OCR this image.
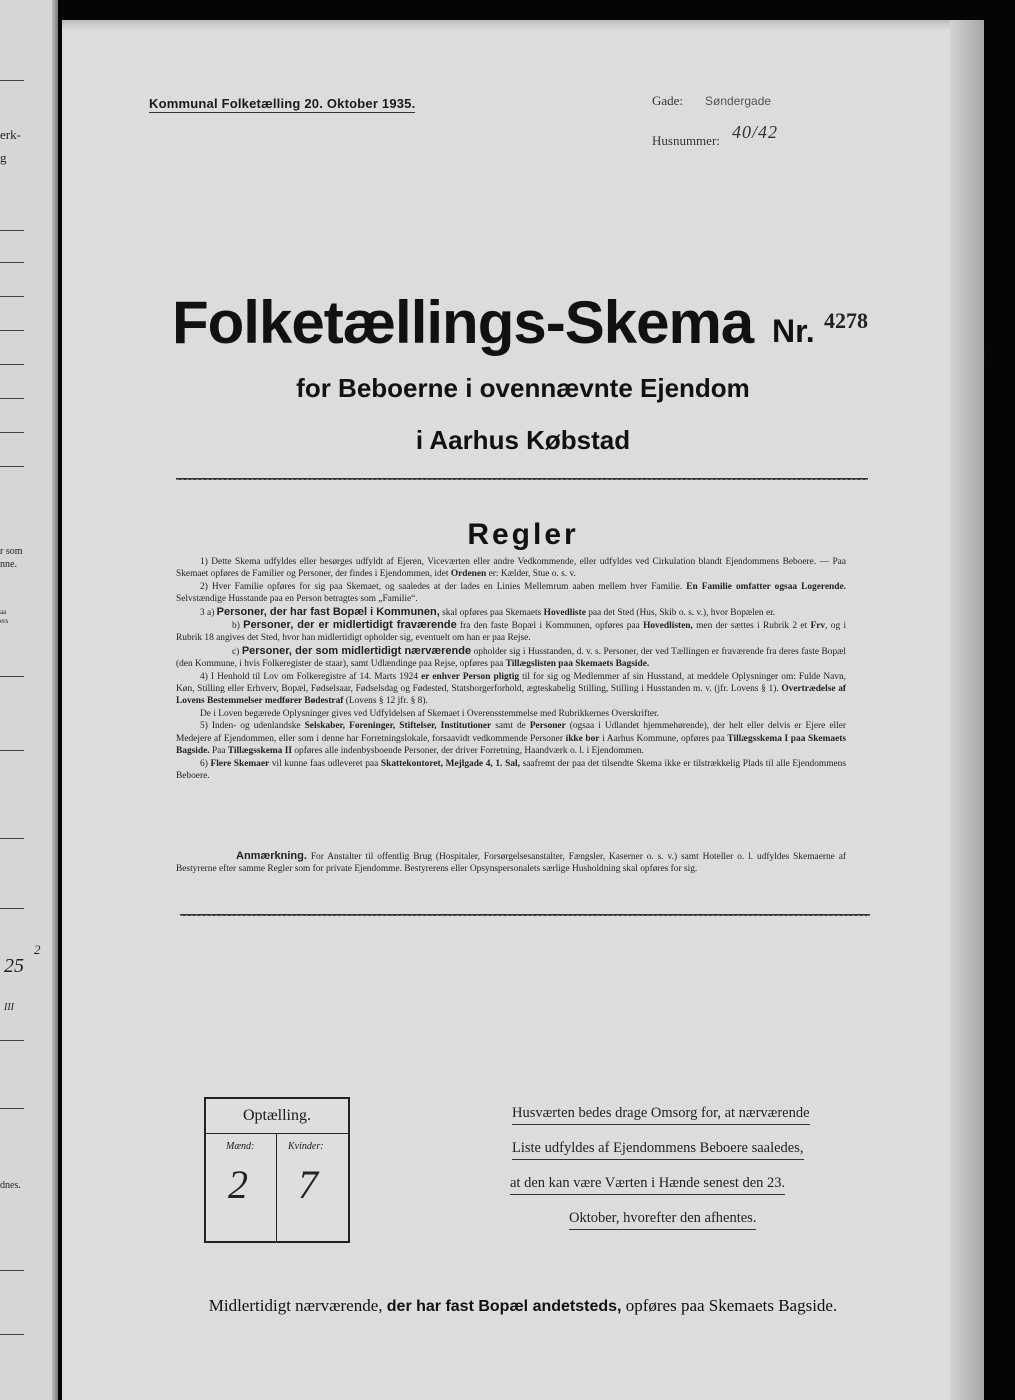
erk-
g
r som
nne.
aa
ers
25
2
III
dnes.
Kommunal Folketælling 20. Oktober 1935.	Gade: Søndergade
Husnummer: 40/42
Folketællings-Skema Nr. 4278
for Beboerne i ovennævnte Ejendom
i Aarhus Købstad
Regler

1) Dette Skema udfyldes eller besørges udfyldt af Ejeren, Viceværten eller andre Vedkommende, eller udfyldes ved Cirkulation blandt Ejendommens Beboere. — Paa Skemaet opføres de Familier og Personer, der findes i Ejendommen, idet Ordenen er: Kælder, Stue o. s. v.

2) Hver Familie opføres for sig paa Skemaet, og saaledes at der lades en Linies Mellemrum aaben mellem hver Familie. En Familie omfatter ogsaa Logerende. Selvstændige Husstande paa en Person betragtes som „Familie“.

3 a) Personer, der har fast Bopæl i Kommunen, skal opføres paa Skemaets Hovedliste paa det Sted (Hus, Skib o. s. v.), hvor Bopælen er.

b) Personer, der er midlertidigt fraværende fra den faste Bopæl i Kommunen, opføres paa Hovedlisten, men der sættes i Rubrik 2 et Frv, og i Rubrik 18 angives det Sted, hvor han midlertidigt opholder sig, eventuelt om han er paa Rejse.

c) Personer, der som midlertidigt nærværende opholder sig i Husstanden, d. v. s. Personer, der ved Tællingen er fraværende fra deres faste Bopæl (den Kommune, i hvis Folkeregister de staar), samt Udlændinge paa Rejse, opføres paa Tillægslisten paa Skemaets Bagside.

4) I Henhold til Lov om Folkeregistre af 14. Marts 1924 er enhver Person pligtig til for sig og Medlemmer af sin Husstand, at meddele Oplysninger om: Fulde Navn, Køn, Stilling eller Erhverv, Bopæl, Fødselsaar, Fødselsdag og Fødested, Statsborgerforhold, ægteskabelig Stilling, Stilling i Husstanden m. v. (jfr. Lovens § 1). Overtrædelse af Lovens Bestemmelser medfører Bødestraf (Lovens § 12 jfr. § 8).

De i Loven begærede Oplysninger gives ved Udfyldelsen af Skemaet i Overensstemmelse med Rubrikkernes Overskrifter.

5) Inden- og udenlandske Selskaber, Foreninger, Stiftelser, Institutioner samt de Personer (ogsaa i Udlandet hjemmehørende), der helt eller delvis er Ejere eller Medejere af Ejendommen, eller som i denne har Forretningslokale, forsaavidt vedkommende Personer ikke bor i Aarhus Kommune, opføres paa Tillægsskema I paa Skemaets Bagside. Paa Tillægsskema II opføres alle indenbysboende Personer, der driver Forretning, Haandværk o. l. i Ejendommen.

6) Flere Skemaer vil kunne faas udleveret paa Skattekontoret, Mejlgade 4, 1. Sal, saafremt der paa det tilsendte Skema ikke er tilstrækkelig Plads til alle Ejendommens Beboere.

Anmærkning. For Anstalter til offentlig Brug (Hospitaler, Forsørgelsesanstalter, Fængsler, Kaserner o. s. v.) samt Hoteller o. l. udfyldes Skemaerne af Bestyrerne efter samme Regler som for private Ejendomme. Bestyrerens eller Opsynspersonalets særlige Husholdning skal opføres for sig.

Optælling.
Mænd:	Kvinder:
2 7
Husværten bedes drage Omsorg for, at nærværende
Liste udfyldes af Ejendommens Beboere saaledes,
at den kan være Værten i Hænde senest den 23.
Oktober, hvorefter den afhentes.
Midlertidigt nærværende, der har fast Bopæl andetsteds, opføres paa Skemaets Bagside.
